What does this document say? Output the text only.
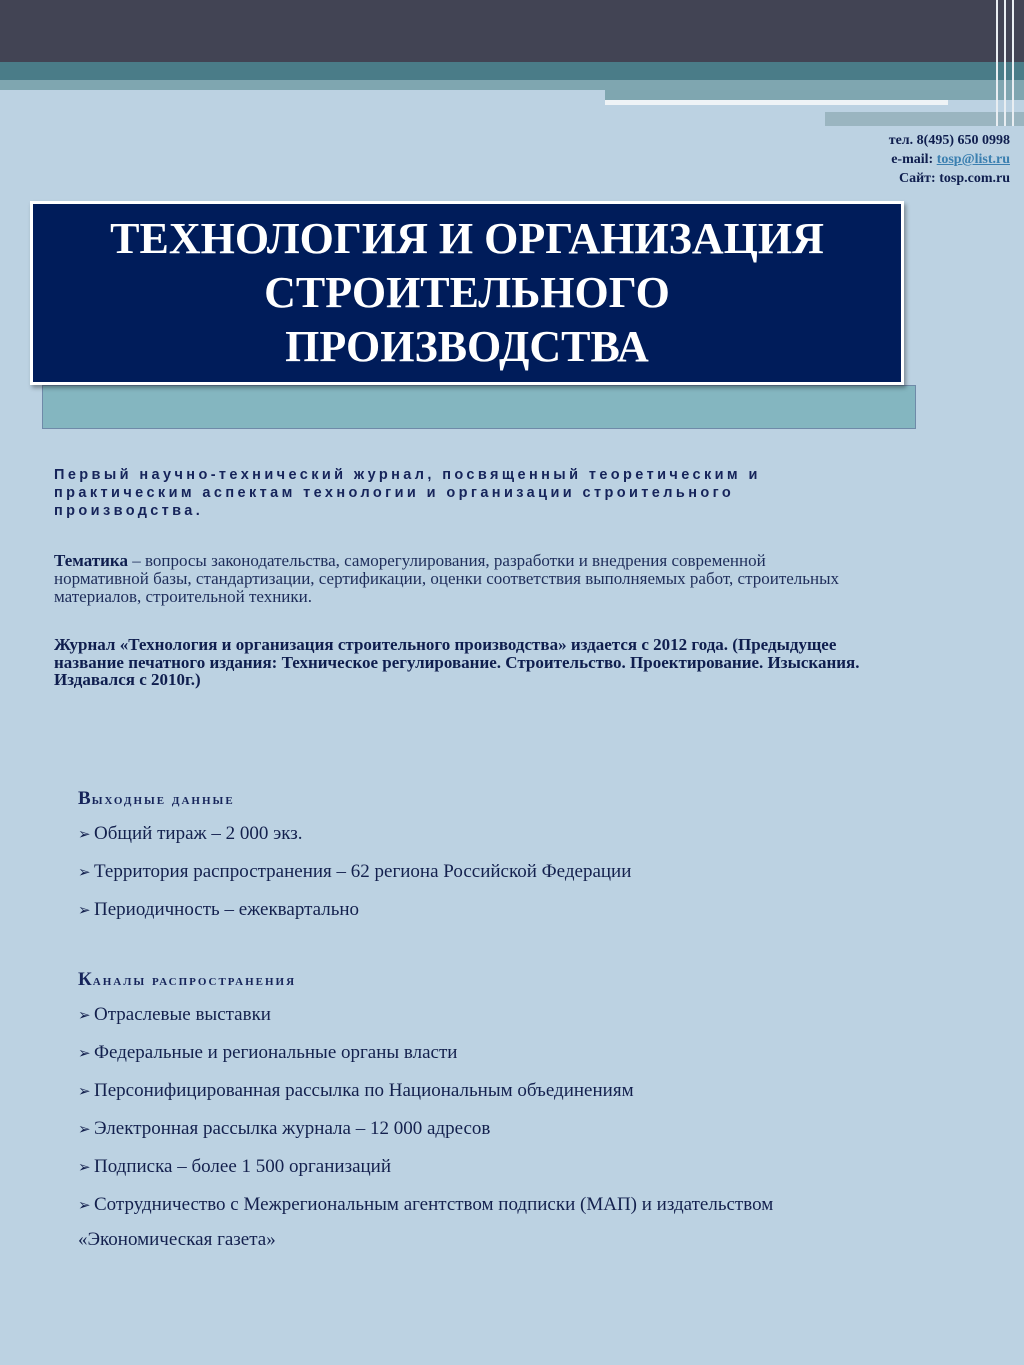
тел. 8(495) 650 0998
e-mail: tosp@list.ru
Сайт: tosp.com.ru
ТЕХНОЛОГИЯ И ОРГАНИЗАЦИЯ
СТРОИТЕЛЬНОГО
ПРОИЗВОДСТВА

Первый научно-технический журнал, посвященный теоретическим и практическим аспектам технологии и организации строительного производства.

Тематика – вопросы законодательства, саморегулирования, разработки и внедрения современной нормативной базы, стандартизации, сертификации, оценки соответствия выполняемых работ, строительных материалов, строительной техники.

Журнал «Технология и организация строительного производства» издается с 2012 года. (Предыдущее название печатного издания: Техническое регулирование. Строительство. Проектирование. Изыскания. Издавался с 2010г.)

Выходные данные
➢ Общий тираж – 2 000 экз.
➢ Территория распространения – 62 региона Российской Федерации
➢ Периодичность – ежеквартально
Каналы распространения
➢ Отраслевые выставки
➢ Федеральные и региональные органы власти
➢ Персонифицированная рассылка по Национальным объединениям
➢ Электронная рассылка журнала – 12 000 адресов
➢ Подписка – более 1 500 организаций
➢ Сотрудничество с Межрегиональным агентством подписки (МАП) и издательством
«Экономическая газета»
